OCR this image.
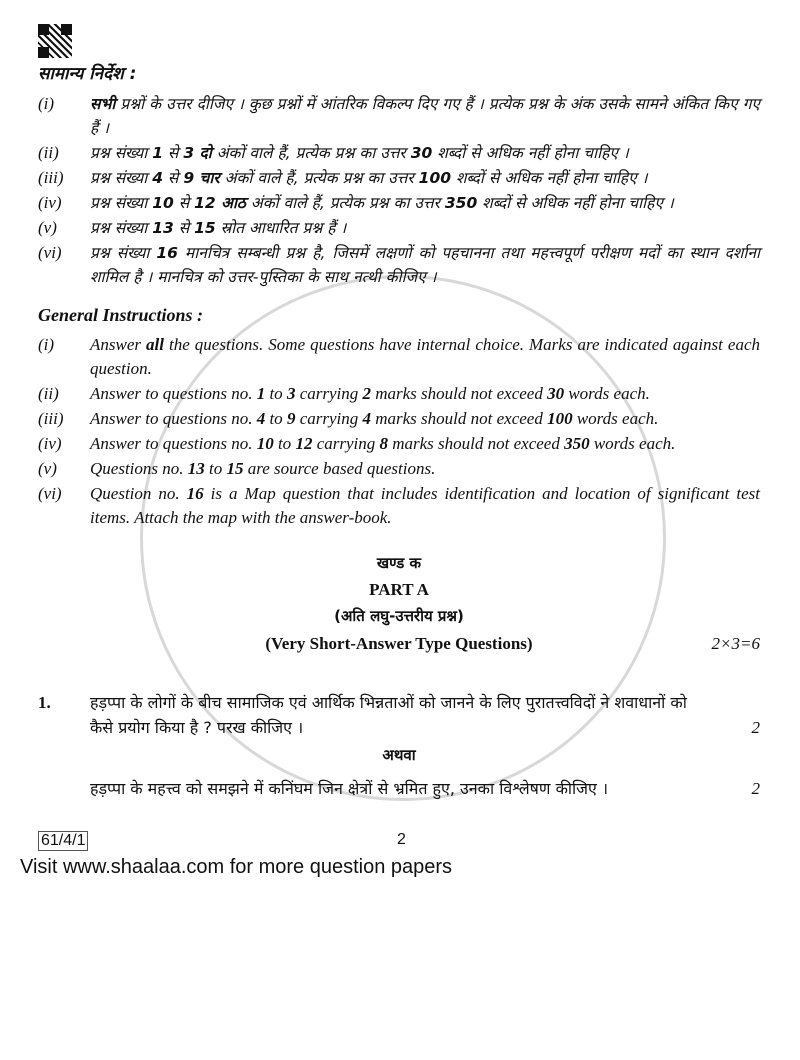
सामान्य निर्देश :
(i)	सभी प्रश्नों के उत्तर दीजिए । कुछ प्रश्नों में आंतरिक विकल्प दिए गए हैं । प्रत्येक प्रश्न के अंक उसके सामने अंकित किए गए हैं ।
(ii)	प्रश्न संख्या 1 से 3 दो अंकों वाले हैं, प्रत्येक प्रश्न का उत्तर 30 शब्दों से अधिक नहीं होना चाहिए ।
(iii)	प्रश्न संख्या 4 से 9 चार अंकों वाले हैं, प्रत्येक प्रश्न का उत्तर 100 शब्दों से अधिक नहीं होना चाहिए ।
(iv)	प्रश्न संख्या 10 से 12 आठ अंकों वाले हैं, प्रत्येक प्रश्न का उत्तर 350 शब्दों से अधिक नहीं होना चाहिए ।
(v)	प्रश्न संख्या 13 से 15 स्रोत आधारित प्रश्न हैं ।
(vi)	प्रश्न संख्या 16 मानचित्र सम्बन्धी प्रश्न है, जिसमें लक्षणों को पहचानना तथा महत्त्वपूर्ण परीक्षण मदों का स्थान दर्शाना शामिल है । मानचित्र को उत्तर-पुस्तिका के साथ नत्थी कीजिए ।
General Instructions :
(i)	Answer all the questions. Some questions have internal choice. Marks are indicated against each question.
(ii)	Answer to questions no. 1 to 3 carrying 2 marks should not exceed 30 words each.
(iii)	Answer to questions no. 4 to 9 carrying 4 marks should not exceed 100 words each.
(iv)	Answer to questions no. 10 to 12 carrying 8 marks should not exceed 350 words each.
(v)	Questions no. 13 to 15 are source based questions.
(vi)	Question no. 16 is a Map question that includes identification and location of significant test items. Attach the map with the answer-book.
खण्ड क
PART A
(अति लघु-उत्तरीय प्रश्न)
(Very Short-Answer Type Questions)	2×3=6
1. हड़प्पा के लोगों के बीच सामाजिक एवं आर्थिक भिन्नताओं को जानने के लिए पुरातत्त्वविदों ने शवाधानों को कैसे प्रयोग किया है ? परख कीजिए ।	2
अथवा
हड़प्पा के महत्त्व को समझने में कनिंघम जिन क्षेत्रों से भ्रमित हुए, उनका विश्लेषण कीजिए ।	2
61/4/1	2
Visit www.shaalaa.com for more question papers
